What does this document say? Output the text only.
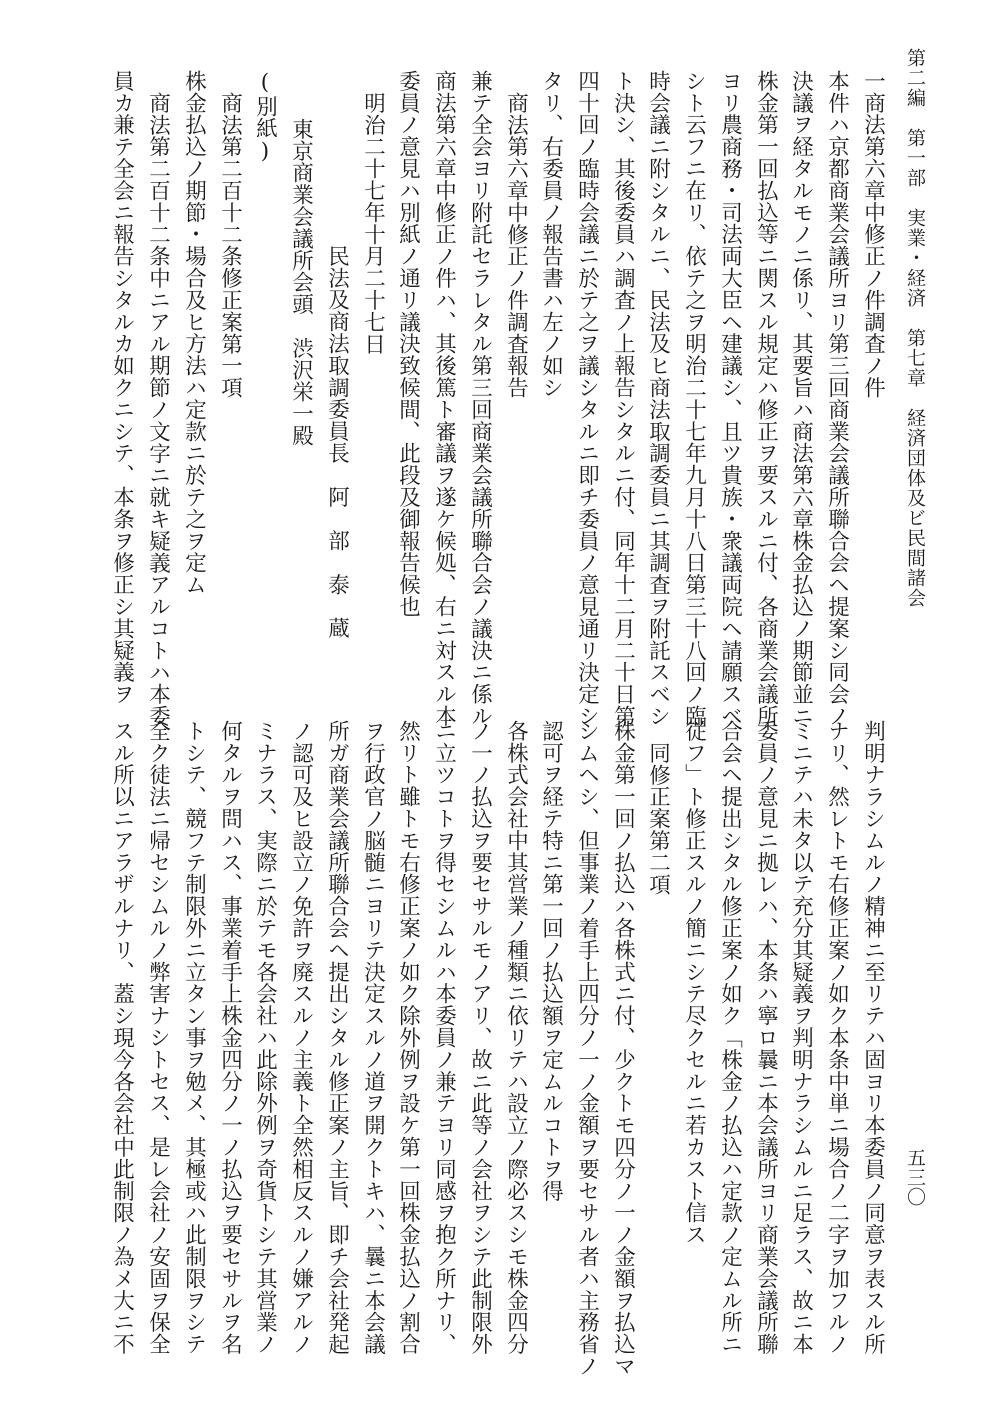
第二編　第一部　実業・経済　第七章　経済団体及ビ民間諸会
五三〇
一商法第六章中修正ノ件調査ノ件
本件ハ京都商業会議所ヨリ第三回商業会議所聯合会ヘ提案シ同会ノ
決議ヲ経タルモノニ係リ、其要旨ハ商法第六章株金払込ノ期節並ニ
株金第一回払込等ニ関スル規定ハ修正ヲ要スルニ付、各商業会議所
ヨリ農商務・司法両大臣ヘ建議シ、且ツ貴族・衆議両院ヘ請願スベ
シト云フニ在リ、依テ之ヲ明治二十七年九月十八日第三十八回ノ臨
時会議ニ附シタルニ、民法及ヒ商法取調委員ニ其調査ヲ附託スベシ
ト決シ、其後委員ハ調査ノ上報告シタルニ付、同年十二月二十日第
四十回ノ臨時会議ニ於テ之ヲ議シタルニ即チ委員ノ意見通リ決定シ
タリ、右委員ノ報告書ハ左ノ如シ
商法第六章中修正ノ件調査報告
兼テ全会ヨリ附託セラレタル第三回商業会議所聯合会ノ議決ニ係ル
商法第六章中修正ノ件ハ、其後篤ト審議ヲ遂ケ候処、右ニ対スル本
委員ノ意見ハ別紙ノ通リ議決致候間、此段及御報告候也
明治二十七年十月二十七日
民法及商法取調委員長　阿　部　泰　蔵
東京商業会議所会頭　渋沢栄一殿
(別紙)
商法第二百十二条修正案第一項
株金払込ノ期節・場合及ヒ方法ハ定款ニ於テ之ヲ定ム
商法第二百十二条中ニアル期節ノ文字ニ就キ疑義アルコトハ本委
員カ兼テ全会ニ報告シタルカ如クニシテ、本条ヲ修正シ其疑義ヲ
判明ナラシムルノ精神ニ至リテハ固ヨリ本委員ノ同意ヲ表スル所
ナリ、然レトモ右修正案ノ如ク本条中単ニ場合ノ二字ヲ加フルノ
ミニテハ未タ以テ充分其疑義ヲ判明ナラシムルニ足ラス、故ニ本
委員ノ意見ニ拠レハ、本条ハ寧ロ曩ニ本会議所ヨリ商業会議所聯
合会ヘ提出シタル修正案ノ如ク「株金ノ払込ハ定款ノ定ムル所ニ
従フ」ト修正スルノ簡ニシテ尽クセルニ若カスト信ス
同修正案第二項
株金第一回ノ払込ハ各株式ニ付、少クトモ四分ノ一ノ金額ヲ払込マ
シムヘシ、但事業ノ着手上四分ノ一ノ金額ヲ要セサル者ハ主務省ノ
認可ヲ経テ特ニ第一回ノ払込額ヲ定ムルコトヲ得
各株式会社中其営業ノ種類ニ依リテハ設立ノ際必スシモ株金四分
ノ一ノ払込ヲ要セサルモノアリ、故ニ此等ノ会社ヲシテ此制限外
ニ立ツコトヲ得セシムルハ本委員ノ兼テヨリ同感ヲ抱ク所ナリ、
然リト雖トモ右修正案ノ如ク除外例ヲ設ケ第一回株金払込ノ割合
ヲ行政官ノ脳髄ニヨリテ決定スルノ道ヲ開クトキハ、曩ニ本会議
所ガ商業会議所聯合会ヘ提出シタル修正案ノ主旨、即チ会社発起
ノ認可及ヒ設立ノ免許ヲ廃スルノ主義ト全然相反スルノ嫌アルノ
ミナラス、実際ニ於テモ各会社ハ此除外例ヲ奇貨トシテ其営業ノ
何タルヲ問ハス、事業着手上株金四分ノ一ノ払込ヲ要セサルヲ名
トシテ、競フテ制限外ニ立タン事ヲ勉メ、其極或ハ此制限ヲシテ
全ク徒法ニ帰セシムルノ弊害ナシトセス、是レ会社ノ安固ヲ保全
スル所以ニアラザルナリ、蓋シ現今各会社中此制限ノ為メ大ニ不
